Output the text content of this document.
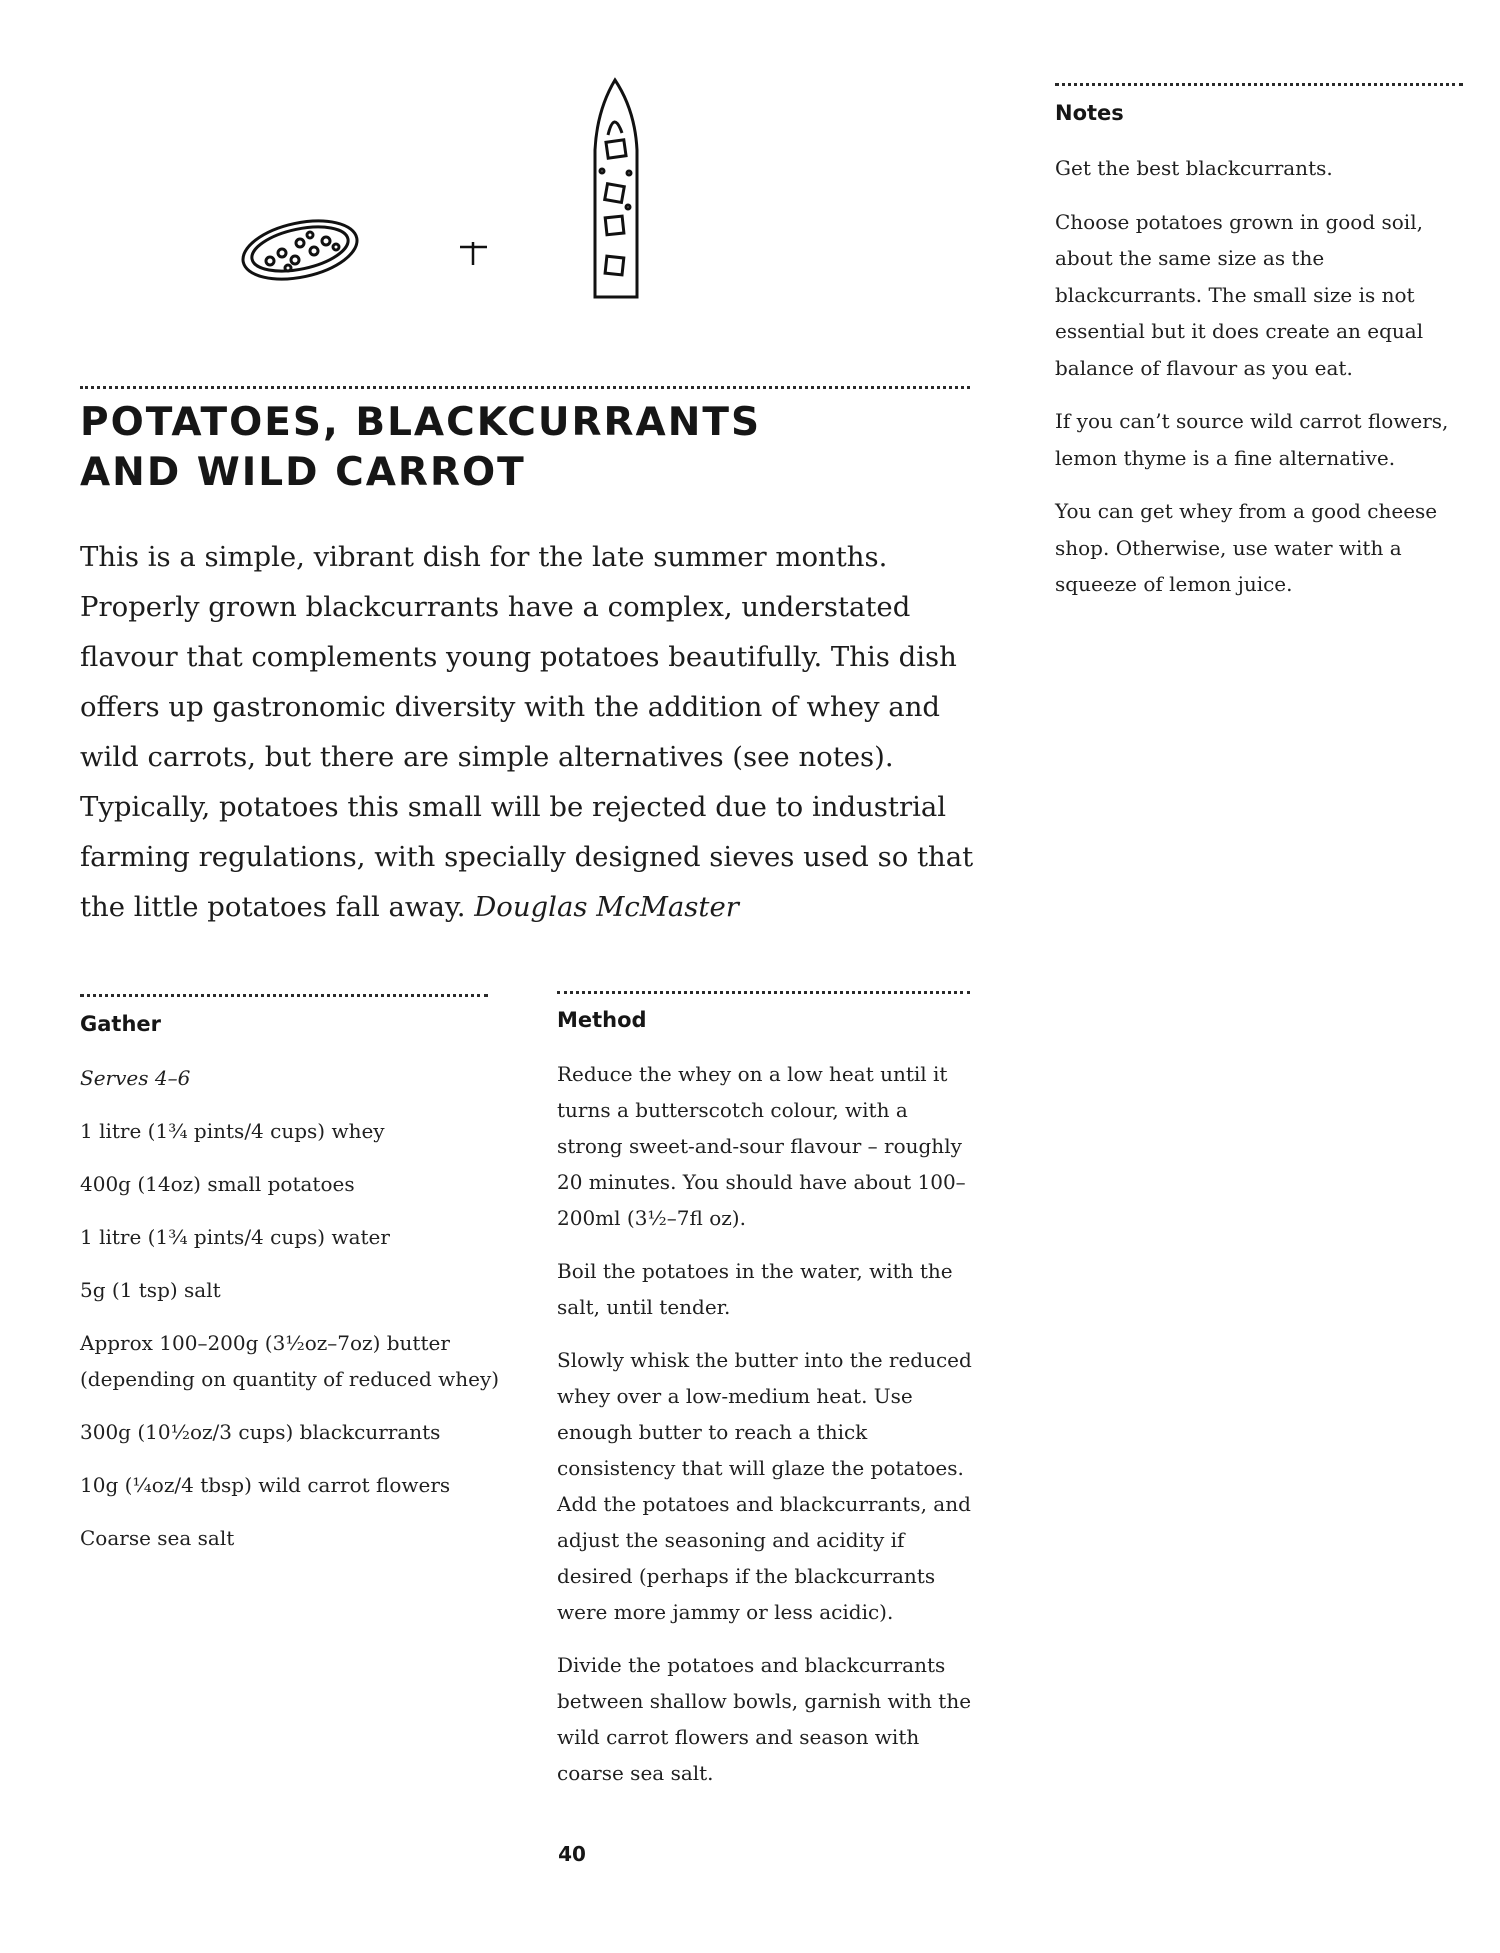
POTATOES, BLACKCURRANTS
AND WILD CARROT

This is a simple, vibrant dish for the late summer months. Properly grown blackcurrants have a complex, understated flavour that complements young potatoes beautifully. This dish offers up gastronomic diversity with the addition of whey and wild carrots, but there are simple alternatives (see notes). Typically, potatoes this small will be rejected due to industrial farming regulations, with specially designed sieves used so that the little potatoes fall away. Douglas McMaster

Gather
Serves 4–6
1 litre (1¾ pints/4 cups) whey
400g (14oz) small potatoes
1 litre (1¾ pints/4 cups) water
5g (1 tsp) salt
Approx 100–200g (3½oz–7oz) butter (depending on quantity of reduced whey)
300g (10½oz/3 cups) blackcurrants
10g (¼oz/4 tbsp) wild carrot flowers
Coarse sea salt
Method

Reduce the whey on a low heat until it turns a butterscotch colour, with a strong sweet-and-sour flavour – roughly 20 minutes. You should have about 100–200ml (3½–7fl oz).

Boil the potatoes in the water, with the salt, until tender.

Slowly whisk the butter into the reduced whey over a low-medium heat. Use enough butter to reach a thick consistency that will glaze the potatoes. Add the potatoes and blackcurrants, and adjust the seasoning and acidity if desired (perhaps if the blackcurrants were more jammy or less acidic).

Divide the potatoes and blackcurrants between shallow bowls, garnish with the wild carrot flowers and season with coarse sea salt.

Notes

Get the best blackcurrants.

Choose potatoes grown in good soil, about the same size as the blackcurrants. The small size is not essential but it does create an equal balance of flavour as you eat.

If you can’t source wild carrot flowers, lemon thyme is a fine alternative.

You can get whey from a good cheese shop. Otherwise, use water with a squeeze of lemon juice.

40
